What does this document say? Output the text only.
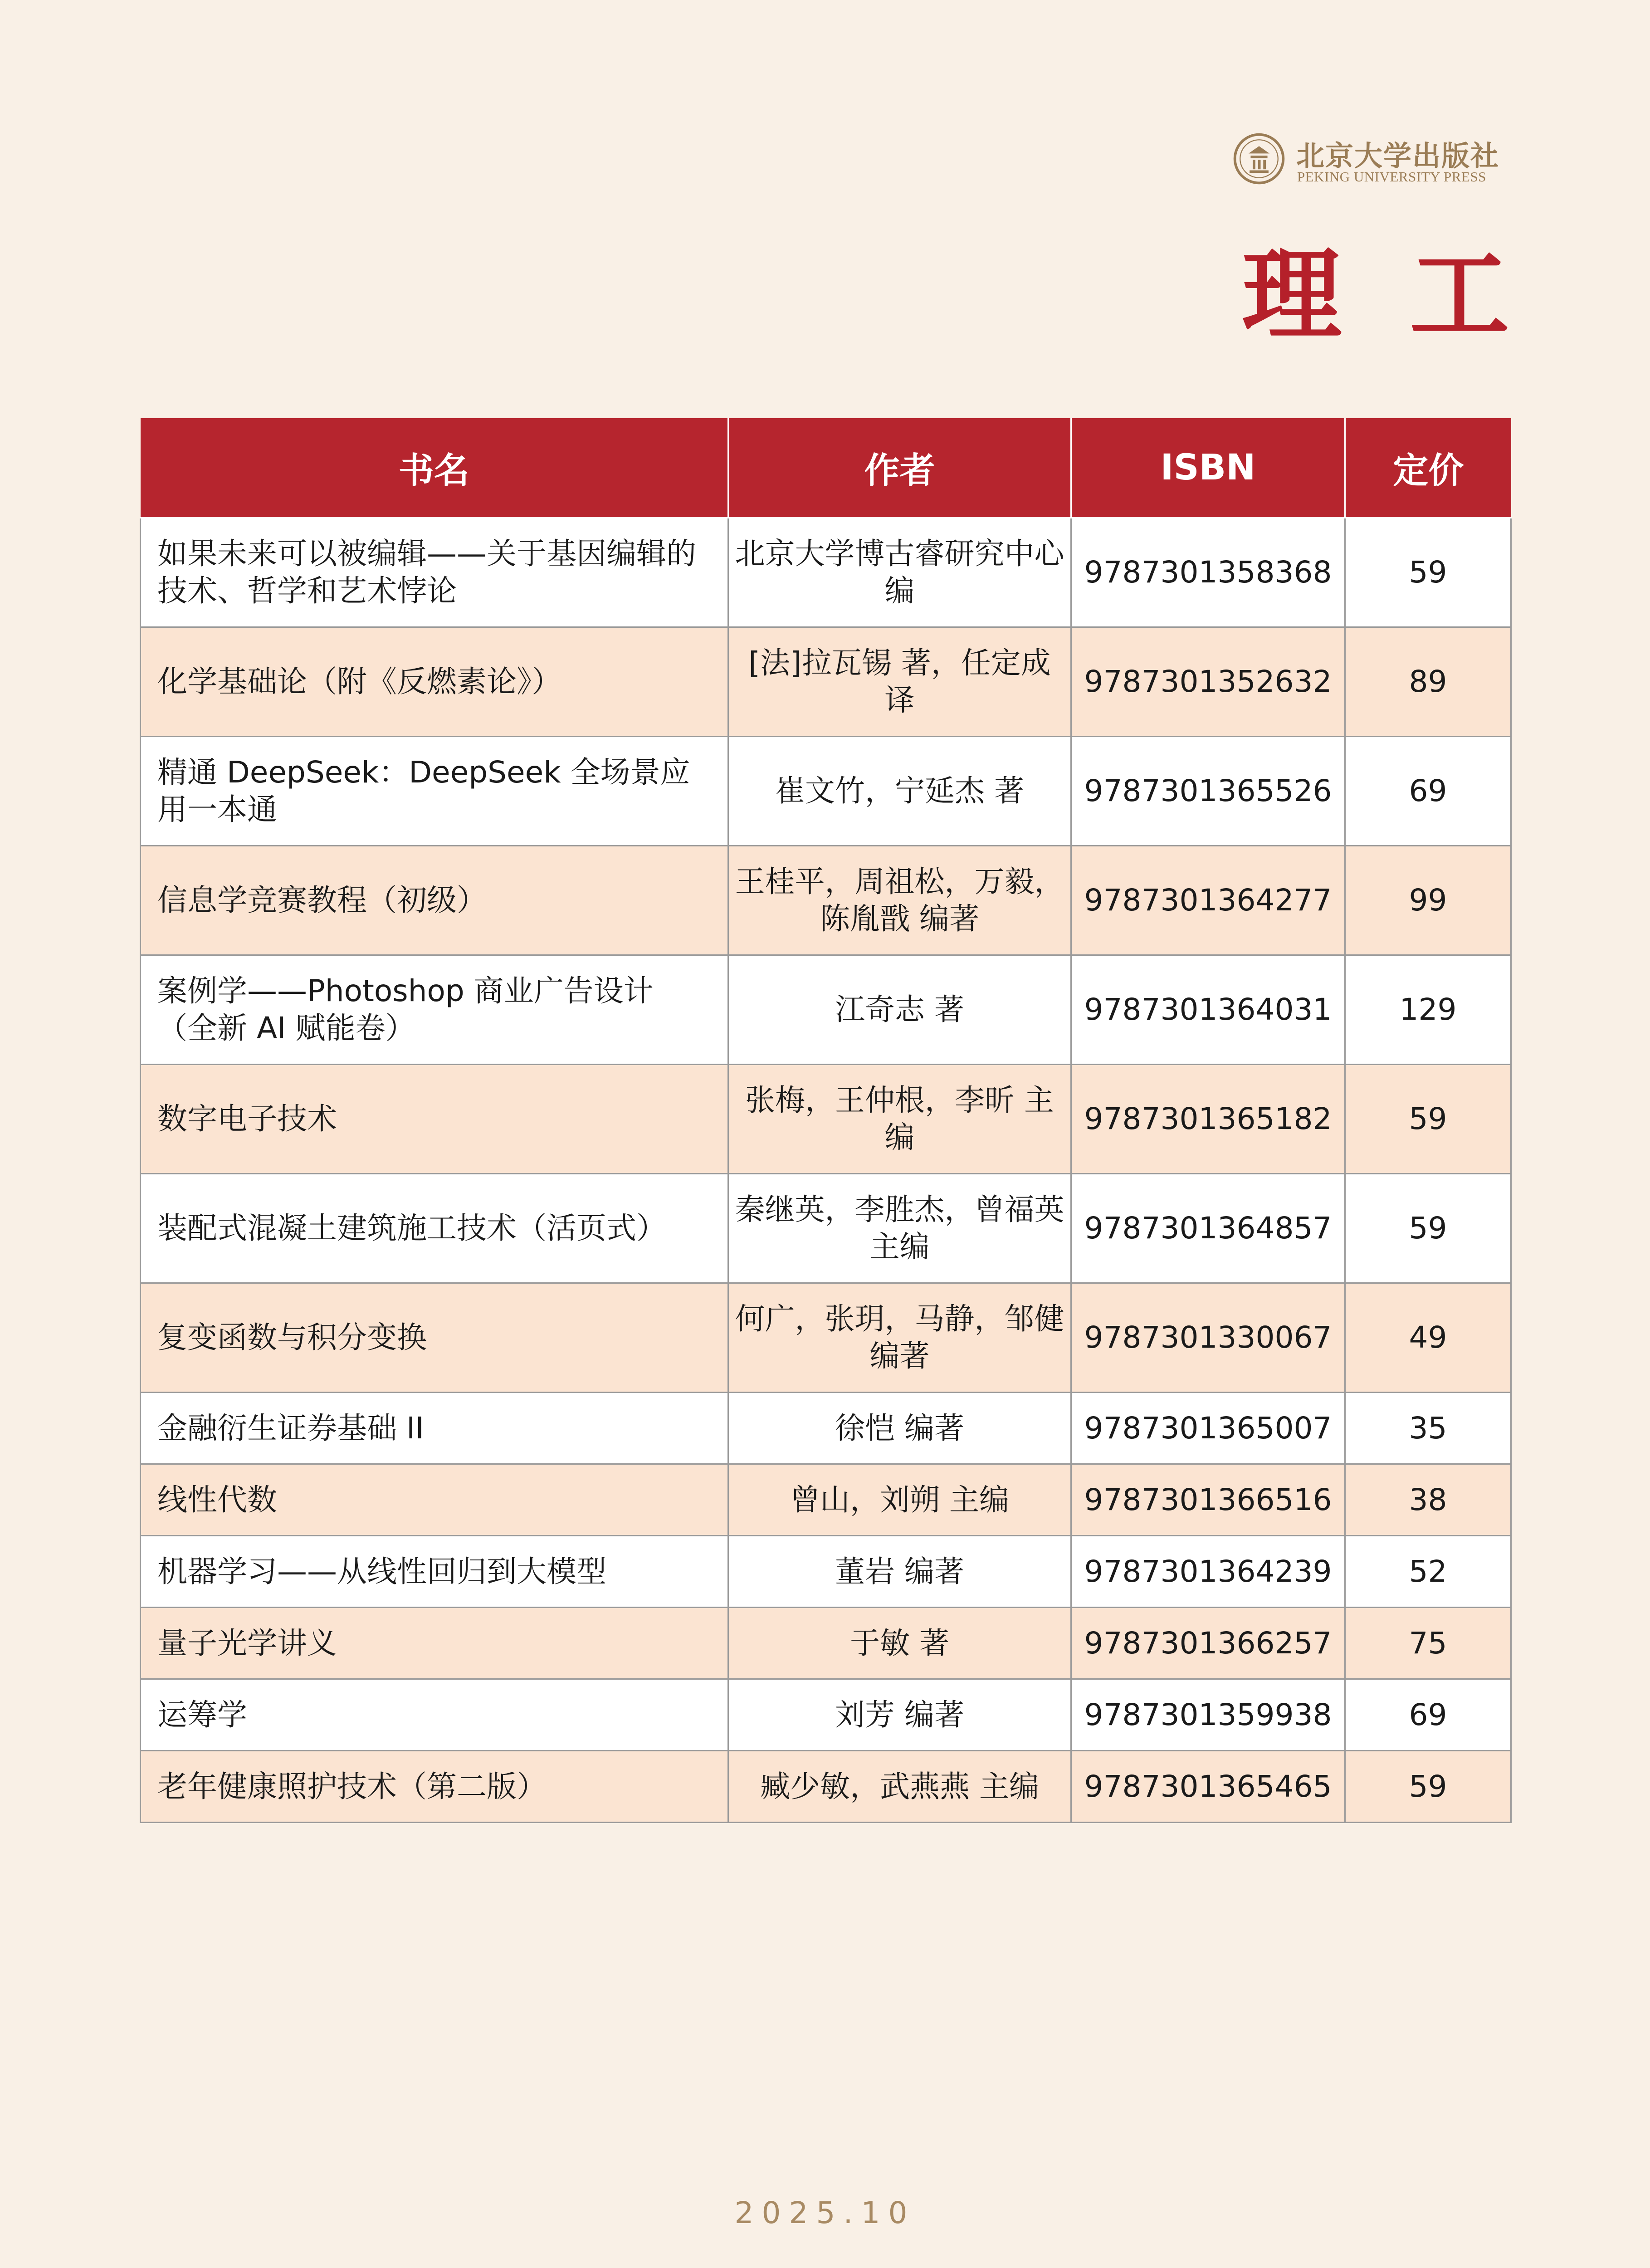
北京大学出版社
PEKING UNIVERSITY PRESS
理工
书名	作者	ISBN	定价
如果未来可以被编辑——关于基因编辑的技术、哲学和艺术悖论	北京大学博古睿研究中心 编	9787301358368	59
化学基础论（附《反燃素论》）	[法]拉瓦锡 著，任定成 译	9787301352632	89
精通 DeepSeek：DeepSeek 全场景应用一本通	崔文竹，宁延杰 著	9787301365526	69
信息学竞赛教程（初级）	王桂平，周祖松，万毅，陈胤戬 编著	9787301364277	99
案例学——Photoshop 商业广告设计（全新 AI 赋能卷）	江奇志 著	9787301364031	129
数字电子技术	张梅，王仲根，李昕 主编	9787301365182	59
装配式混凝土建筑施工技术（活页式）	秦继英，李胜杰，曾福英 主编	9787301364857	59
复变函数与积分变换	何广，张玥，马静，邹健 编著	9787301330067	49
金融衍生证券基础 II	徐恺 编著	9787301365007	35
线性代数	曾山，刘朔 主编	9787301366516	38
机器学习——从线性回归到大模型	董岩 编著	9787301364239	52
量子光学讲义	于敏 著	9787301366257	75
运筹学	刘芳 编著	9787301359938	69
老年健康照护技术（第二版）	臧少敏，武燕燕 主编	9787301365465	59
2025.10
